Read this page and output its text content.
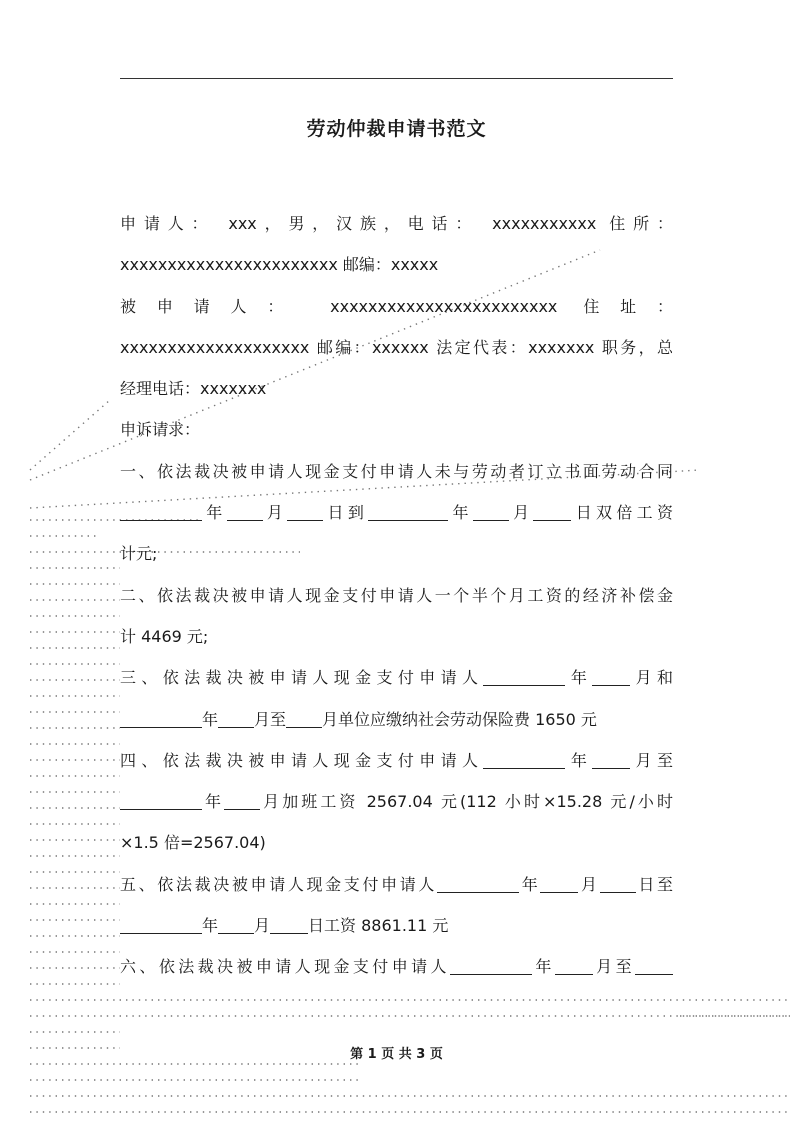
劳动仲裁申请书范文

申请人： xxx，男，汉族，电话： xxxxxxxxxxx 住所：

xxxxxxxxxxxxxxxxxxxxxxx 邮编：xxxxx

被申请人： xxxxxxxxxxxxxxxxxxxxxxxx 住址：

xxxxxxxxxxxxxxxxxxxx 邮编：xxxxxx 法定代表：xxxxxxx 职务，总

经理电话：xxxxxxx

申诉请求：

一、依法裁决被申请人现金支付申请人未与劳动者订立书面劳动合同

年 月 日到	年 月 日双倍工资

计元;

二、依法裁决被申请人现金支付申请人一个半个月工资的经济补偿金

计 4469 元;

三、依法裁决被申请人现金支付申请人	年 月和

年 月至 月单位应缴纳社会劳动保险费 1650 元

四、依法裁决被申请人现金支付申请人	年 月至

年 月加班工资 2567.04 元(112 小时×15.28 元/小时

×1.5 倍=2567.04)

五、依法裁决被申请人现金支付申请人	年 月 日至

年 月 日工资 8861.11 元

六、依法裁决被申请人现金支付申请人	年 月至

第 1 页 共 3 页
